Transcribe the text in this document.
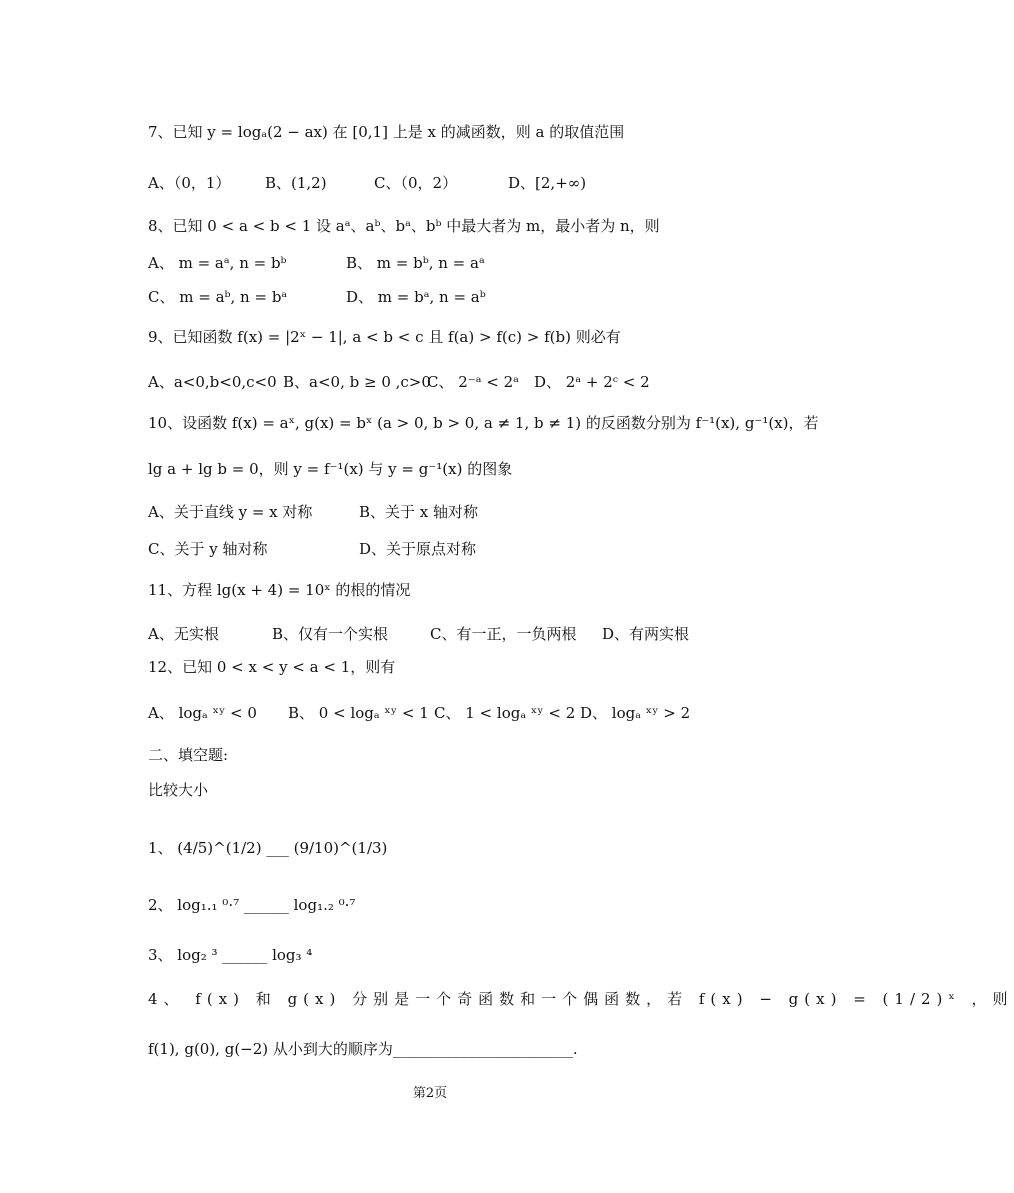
7、已知 y = logₐ(2 − ax) 在 [0,1] 上是 x 的减函数，则 a 的取值范围
A、（0，1） B、(1,2)	C、（0，2）	D、[2,+∞)
8、已知 0 < a < b < 1 设 aᵃ、aᵇ、bᵃ、bᵇ 中最大者为 m，最小者为 n，则
A、 m = aᵃ, n = bᵇ	B、 m = bᵇ, n = aᵃ
C、 m = aᵇ, n = bᵃ	D、 m = bᵃ, n = aᵇ
9、已知函数 f(x) = |2ˣ − 1|, a < b < c 且 f(a) > f(c) > f(b) 则必有
A、a<0,b<0,c<0 B、a<0, b ≥ 0 ,c>0
C、 2⁻ᵃ < 2ᵃ D、 2ᵃ + 2ᶜ < 2
10、设函数 f(x) = aˣ, g(x) = bˣ (a > 0, b > 0, a ≠ 1, b ≠ 1) 的反函数分别为 f⁻¹(x), g⁻¹(x)，若
lg a + lg b = 0，则 y = f⁻¹(x) 与 y = g⁻¹(x) 的图象
A、关于直线 y = x 对称	B、关于 x 轴对称
C、关于 y 轴对称	D、关于原点对称
11、方程 lg(x + 4) = 10ˣ 的根的情况
A、无实根	B、仅有一个实根	C、有一正，一负两根 D、有两实根
12、已知 0 < x < y < a < 1，则有
A、 logₐ ˣʸ < 0 B、 0 < logₐ ˣʸ < 1 C、 1 < logₐ ˣʸ < 2 D、 logₐ ˣʸ > 2
二、填空题:
比较大小
1、 (4/5)^(1/2) ___ (9/10)^(1/3)
2、 log₁.₁ ⁰·⁷ ______ log₁.₂ ⁰·⁷
3、 log₂ ³ ______ log₃ ⁴
4、 f(x) 和 g(x) 分别是一个奇函数和一个偶函数，若 f(x) − g(x) = (1/2)ˣ ，则
f(1), g(0), g(−2) 从小到大的顺序为________________________.
第2页
